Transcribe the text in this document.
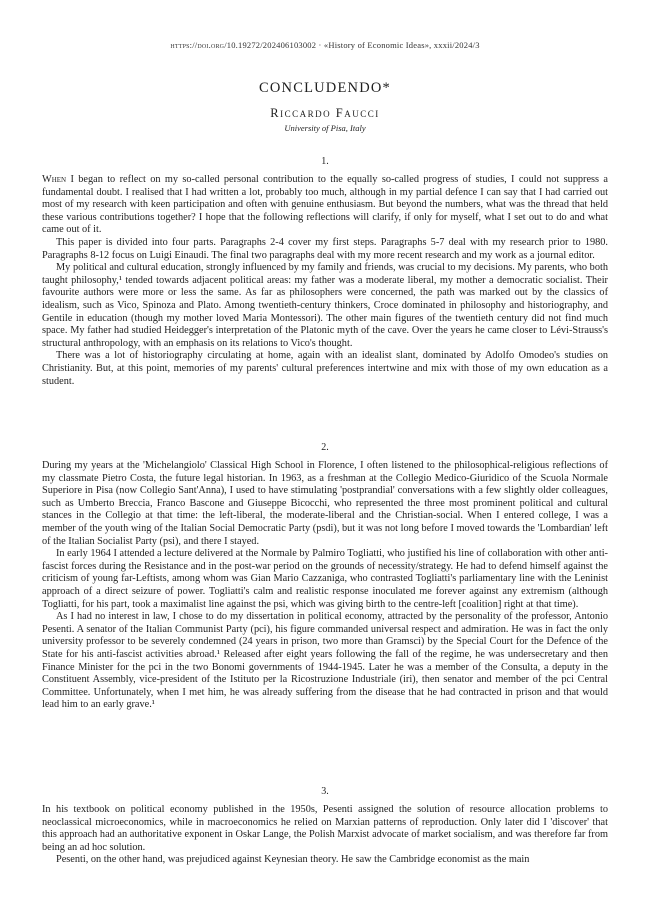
https://doi.org/10.19272/202406103002 · «History of Economic Ideas», xxxii/2024/3
CONCLUDENDO*
Riccardo Faucci
University of Pisa, Italy
1.

When I began to reflect on my so-called personal contribution to the equally so-called progress of studies, I could not suppress a fundamental doubt. I realised that I had written a lot, probably too much, although in my partial defence I can say that I had carried out most of my research with keen participation and often with genuine enthusiasm. But beyond the numbers, what was the thread that held these various contributions together? I hope that the following reflections will clarify, if only for myself, what I set out to do and what came out of it.

This paper is divided into four parts. Paragraphs 2-4 cover my first steps. Paragraphs 5-7 deal with my research prior to 1980. Paragraphs 8-12 focus on Luigi Einaudi. The final two paragraphs deal with my more recent research and my work as a journal editor.

My political and cultural education, strongly influenced by my family and friends, was crucial to my decisions. My parents, who both taught philosophy,¹ tended towards adjacent political areas: my father was a moderate liberal, my mother a democratic socialist. Their favourite authors were more or less the same. As far as philosophers were concerned, the path was marked out by the classics of idealism, such as Vico, Spinoza and Plato. Among twentieth-century thinkers, Croce dominated in philosophy and historiography, and Gentile in education (though my mother loved Maria Montessori). The other main figures of the twentieth century did not find much space. My father had studied Heidegger's interpretation of the Platonic myth of the cave. Over the years he came closer to Lévi-Strauss's structural anthropology, with an emphasis on its relations to Vico's thought.

There was a lot of historiography circulating at home, again with an idealist slant, dominated by Adolfo Omodeo's studies on Christianity. But, at this point, memories of my parents' cultural preferences intertwine and mix with those of my own education as a student.

2.

During my years at the 'Michelangiolo' Classical High School in Florence, I often listened to the philosophical-religious reflections of my classmate Pietro Costa, the future legal historian. In 1963, as a freshman at the Collegio Medico-Giuridico of the Scuola Normale Superiore in Pisa (now Collegio Sant'Anna), I used to have stimulating 'postprandial' conversations with a few slightly older colleagues, such as Umberto Breccia, Franco Bascone and Giuseppe Bicocchi, who represented the three most prominent political and cultural stances in the Collegio at that time: the left-liberal, the moderate-liberal and the Christian-social. When I entered college, I was a member of the youth wing of the Italian Social Democratic Party (psdi), but it was not long before I moved towards the 'Lombardian' left of the Italian Socialist Party (psi), and there I stayed.

In early 1964 I attended a lecture delivered at the Normale by Palmiro Togliatti, who justified his line of collaboration with other anti-fascist forces during the Resistance and in the post-war period on the grounds of necessity/strategy. He had to defend himself against the criticism of young far-Leftists, among whom was Gian Mario Cazzaniga, who contrasted Togliatti's parliamentary line with the Leninist approach of a direct seizure of power. Togliatti's calm and realistic response inoculated me forever against any extremism (although Togliatti, for his part, took a maximalist line against the psi, which was giving birth to the centre-left [coalition] right at that time).

As I had no interest in law, I chose to do my dissertation in political economy, attracted by the personality of the professor, Antonio Pesenti. A senator of the Italian Communist Party (pci), his figure commanded universal respect and admiration. He was in fact the only university professor to be severely condemned (24 years in prison, two more than Gramsci) by the Special Court for the Defence of the State for his anti-fascist activities abroad.¹ Released after eight years following the fall of the regime, he was undersecretary and then Finance Minister for the pci in the two Bonomi governments of 1944-1945. Later he was a member of the Consulta, a deputy in the Constituent Assembly, vice-president of the Istituto per la Ricostruzione Industriale (iri), then senator and member of the pci Central Committee. Unfortunately, when I met him, he was already suffering from the disease that he had contracted in prison and that would lead him to an early grave.¹

3.

In his textbook on political economy published in the 1950s, Pesenti assigned the solution of resource allocation problems to neoclassical microeconomics, while in macroeconomics he relied on Marxian patterns of reproduction. Only later did I 'discover' that this approach had an authoritative exponent in Oskar Lange, the Polish Marxist advocate of market socialism, and was therefore far from being an ad hoc solution.

Pesenti, on the other hand, was prejudiced against Keynesian theory. He saw the Cambridge economist as the main
